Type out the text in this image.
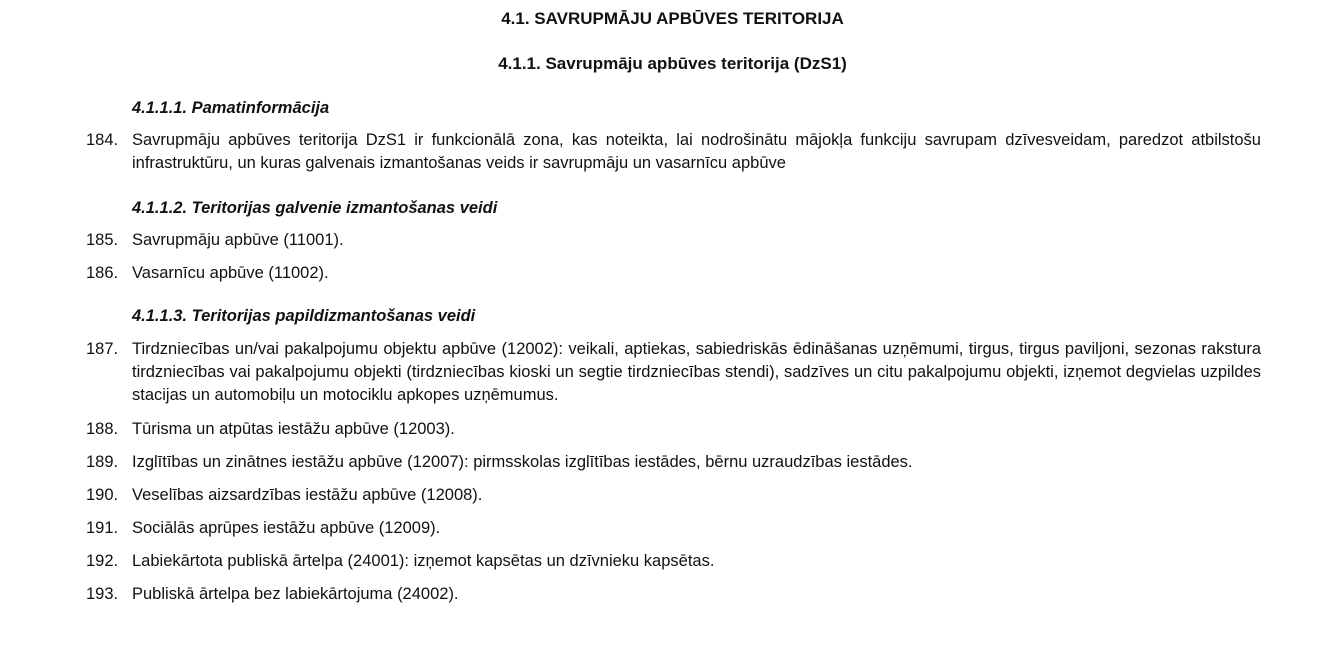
4.1. SAVRUPMĀJU APBŪVES TERITORIJA
4.1.1. Savrupmāju apbūves teritorija (DzS1)
4.1.1.1. Pamatinformācija
184. Savrupmāju apbūves teritorija DzS1 ir funkcionālā zona, kas noteikta, lai nodrošinātu mājokļa funkciju savrupam dzīvesveidam, paredzot atbilstošu infrastruktūru, un kuras galvenais izmantošanas veids ir savrupmāju un vasarnīcu apbūve
4.1.1.2. Teritorijas galvenie izmantošanas veidi
185. Savrupmāju apbūve (11001).
186. Vasarnīcu apbūve (11002).
4.1.1.3. Teritorijas papildizmantošanas veidi
187. Tirdzniecības un/vai pakalpojumu objektu apbūve (12002): veikali, aptiekas, sabiedriskās ēdināšanas uzņēmumi, tirgus, tirgus paviljoni, sezonas rakstura tirdzniecības vai pakalpojumu objekti (tirdzniecības kioski un segtie tirdzniecības stendi), sadzīves un citu pakalpojumu objekti, izņemot degvielas uzpildes stacijas un automobiļu un motociklu apkopes uzņēmumus.
188. Tūrisma un atpūtas iestāžu apbūve (12003).
189. Izglītības un zinātnes iestāžu apbūve (12007): pirmsskolas izglītības iestādes, bērnu uzraudzības iestādes.
190. Veselības aizsardzības iestāžu apbūve (12008).
191. Sociālās aprūpes iestāžu apbūve (12009).
192. Labiekārtota publiskā ārtelpa (24001): izņemot kapsētas un dzīvnieku kapsētas.
193. Publiskā ārtelpa bez labiekārtojuma (24002).
